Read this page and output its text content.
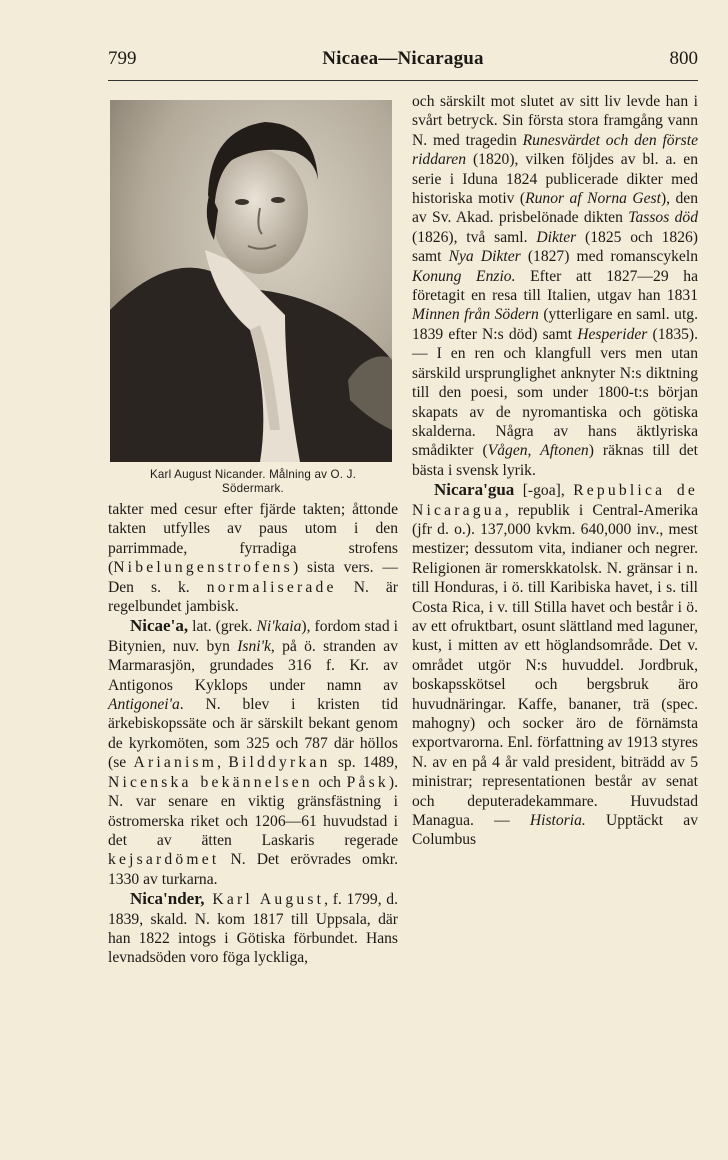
799	Nicaea—Nicaragua	800
Karl August Nicander. Målning av O. J.
Södermark.

takter med cesur efter fjärde takten; åttonde takten utfylles av paus utom i den parrimmade, fyrradiga strofens (Nibelungenstrofens) sista vers. — Den s. k. normaliserade N. är regelbundet jambisk.

Nicae'a, lat. (grek. Ni'kaia), fordom stad i Bitynien, nuv. byn Isni'k, på ö. stranden av Marmarasjön, grundades 316 f. Kr. av Antigonos Kyklops under namn av Antigonei'a. N. blev i kristen tid ärkebiskopssäte och är särskilt bekant genom de kyrkomöten, som 325 och 787 där höllos (se Arianism, Bilddyrkan sp. 1489, Nicenska bekännelsen och Påsk). N. var senare en viktig gränsfästning i östromerska riket och 1206—61 huvudstad i det av ätten Laskaris regerade kejsardömet N. Det erövrades omkr. 1330 av turkarna.

Nica'nder, Karl August, f. 1799, d. 1839, skald. N. kom 1817 till Uppsala, där han 1822 intogs i Götiska förbundet. Hans levnadsöden voro föga lyckliga,

och särskilt mot slutet av sitt liv levde han i svårt betryck. Sin första stora framgång vann N. med tragedin Runesvärdet och den förste riddaren (1820), vilken följdes av bl. a. en serie i Iduna 1824 publicerade dikter med historiska motiv (Runor af Norna Gest), den av Sv. Akad. prisbelönade dikten Tassos död (1826), två saml. Dikter (1825 och 1826) samt Nya Dikter (1827) med romanscykeln Konung Enzio. Efter att 1827—29 ha företagit en resa till Italien, utgav han 1831 Minnen från Södern (ytterligare en saml. utg. 1839 efter N:s död) samt Hesperider (1835). — I en ren och klangfull vers men utan särskild ursprunglighet anknyter N:s diktning till den poesi, som under 1800-t:s början skapats av de nyromantiska och götiska skalderna. Några av hans äktlyriska smådikter (Vågen, Aftonen) räknas till det bästa i svensk lyrik.

Nicara'gua [-goa], Republica de Nicaragua, republik i Central-Amerika (jfr d. o.). 137,000 kvkm. 640,000 inv., mest mestizer; dessutom vita, indianer och negrer. Religionen är romerskkatolsk. N. gränsar i n. till Honduras, i ö. till Karibiska havet, i s. till Costa Rica, i v. till Stilla havet och består i ö. av ett ofruktbart, osunt slättland med laguner, kust, i mitten av ett höglandsområde. Det v. området utgör N:s huvuddel. Jordbruk, boskapsskötsel och bergsbruk äro huvudnäringar. Kaffe, bananer, trä (spec. mahogny) och socker äro de förnämsta exportvarorna. Enl. författning av 1913 styres N. av en på 4 år vald president, biträdd av 5 ministrar; representationen består av senat och deputeradekammare. Huvudstad Managua. — Historia. Upptäckt av Columbus
